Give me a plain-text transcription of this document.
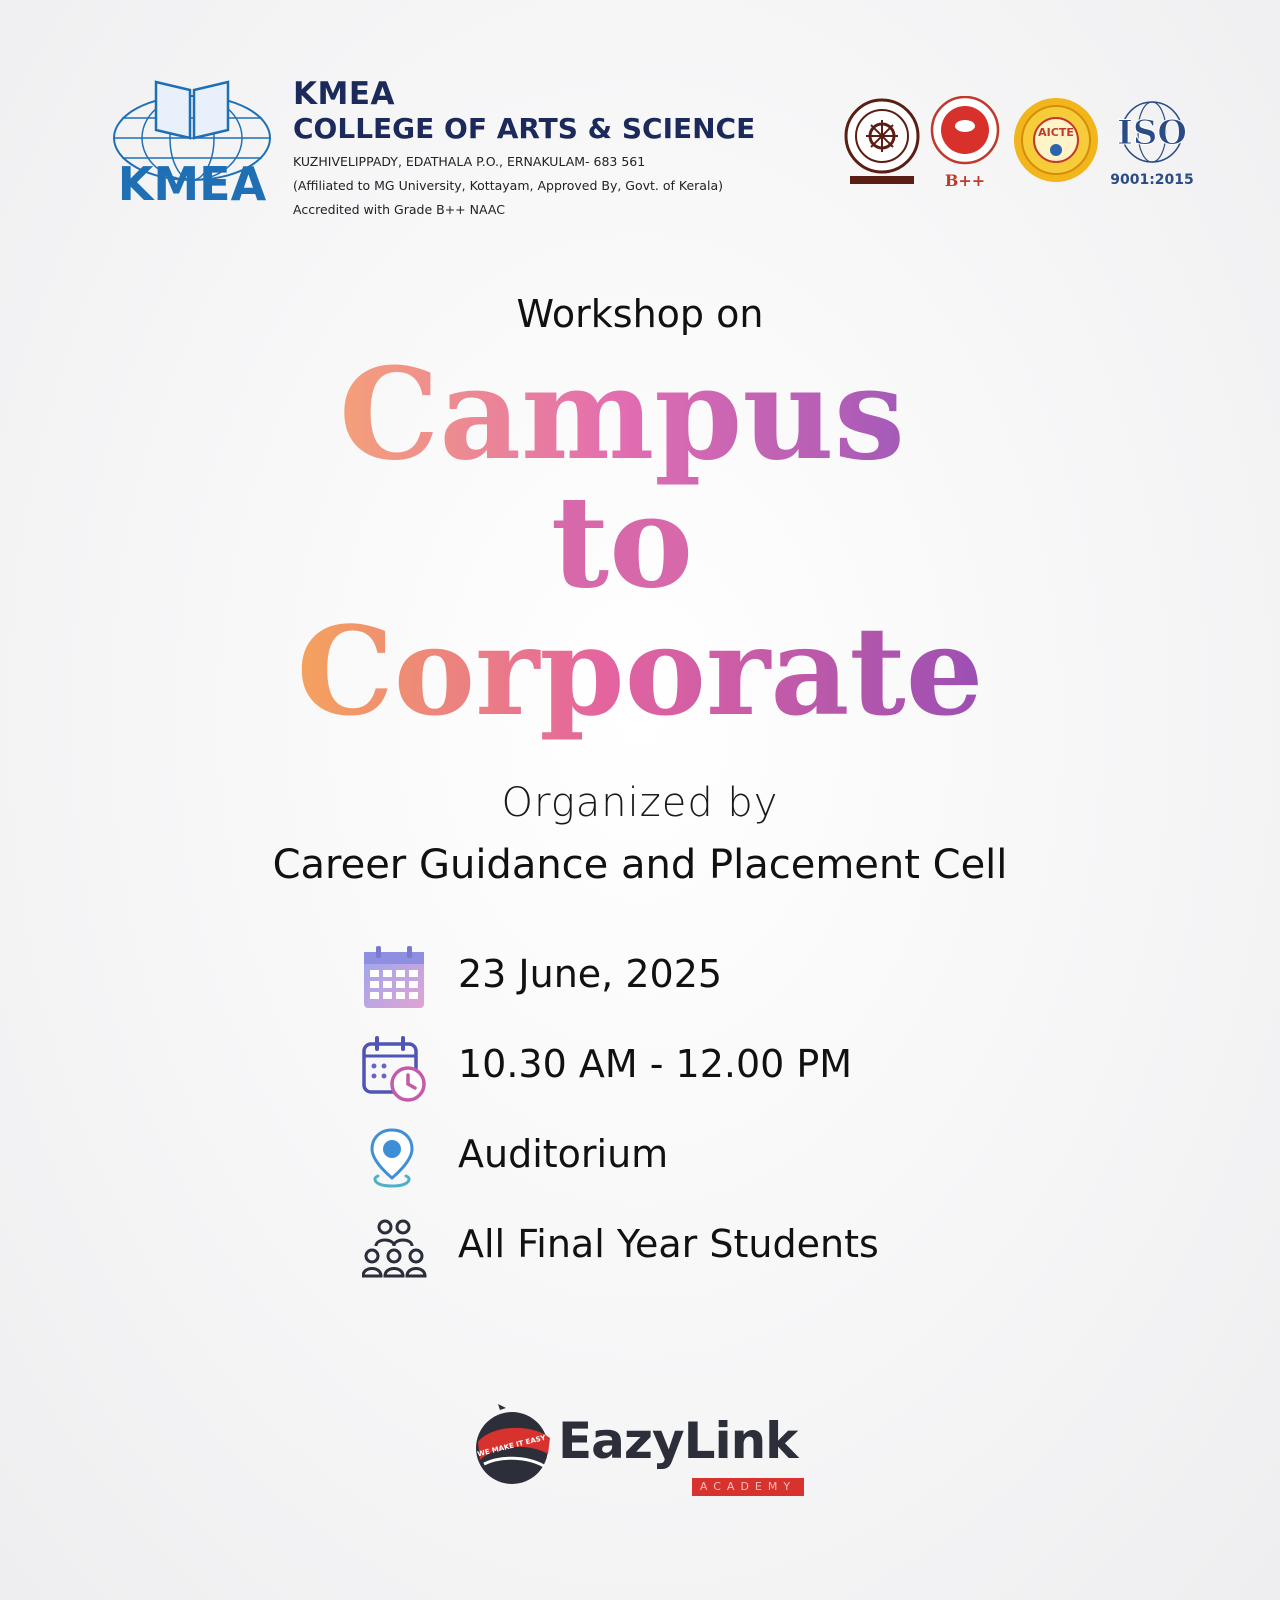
KMEA
KMEA
COLLEGE OF ARTS & SCIENCE
KUZHIVELIPPADY, EDATHALA P.O., ERNAKULAM- 683 561
(Affiliated to MG University, Kottayam, Approved By, Govt. of Kerala)
Accredited with Grade B++ NAAC
B++
AICTE ISO
9001:2015
Workshop on
Campus
to
Corporate
Organized by
Career Guidance and Placement Cell
23 June, 2025
10.30 AM - 12.00 PM
Auditorium
All Final Year Students
WE MAKE IT EASY EazyLink
ACADEMY
